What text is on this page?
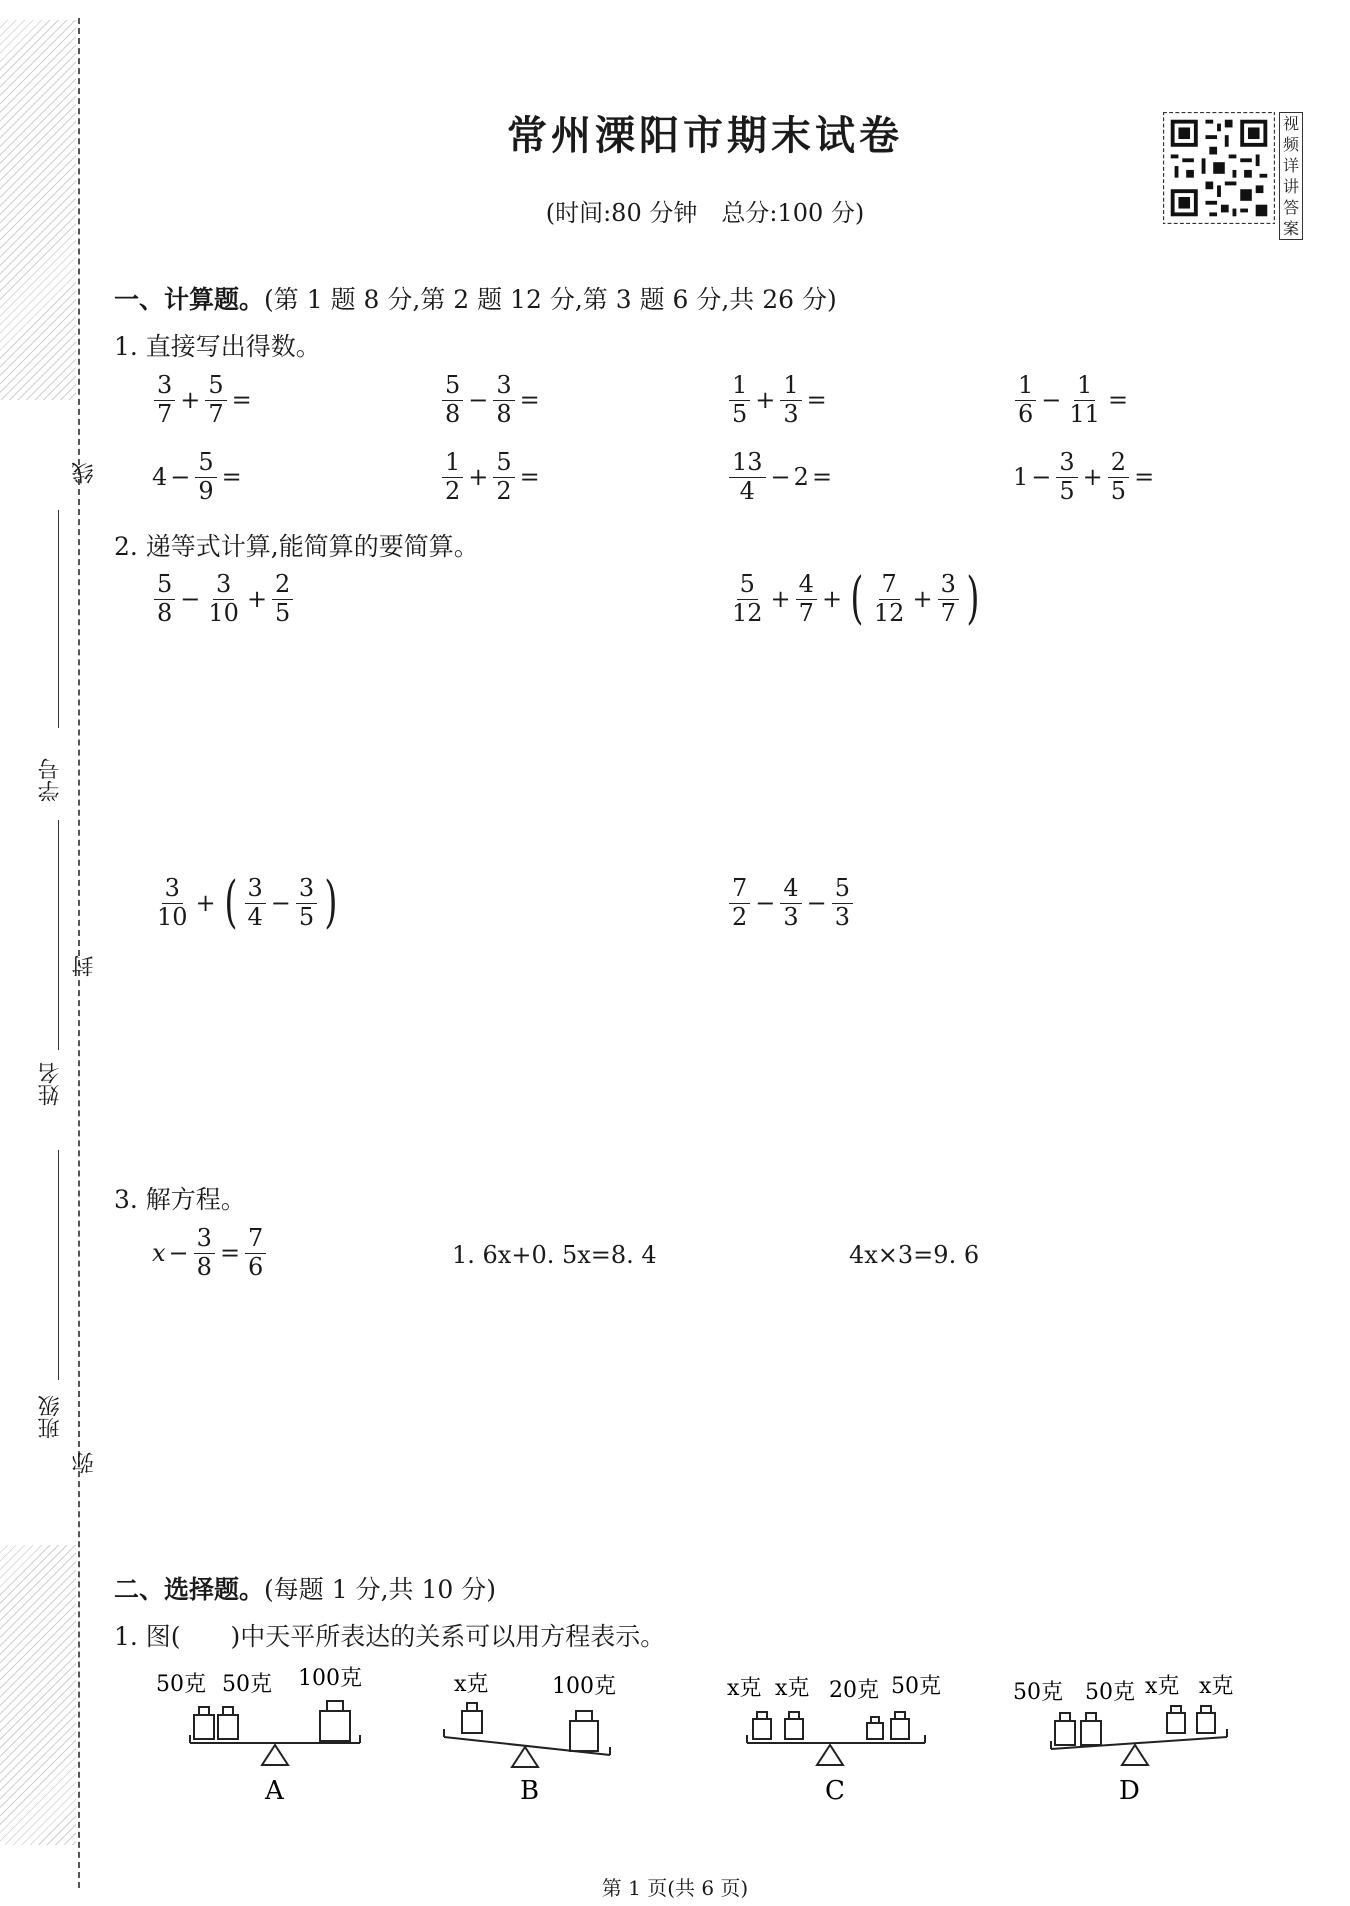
线
学号
封
姓名
班级
弥
常州溧阳市期末试卷
(时间:80 分钟　总分:100 分)
视频详讲答案
一、计算题。(第 1 题 8 分,第 2 题 12 分,第 3 题 6 分,共 26 分)
1. 直接写出得数。
$\frac{3}{7} + \frac{5}{7}$ =	$\frac{5}{8} - \frac{3}{8}$ =	$\frac{1}{5} + \frac{1}{3}$ =	$\frac{1}{6} - \frac{1}{11}$ =
$4 - \frac{5}{9}$ =	$\frac{1}{2} + \frac{5}{2}$ =	$\frac{13}{4} - 2$ =	$1 - \frac{3}{5} + \frac{2}{5}$ =
2. 递等式计算,能简算的要简算。
$\frac{5}{8} - \frac{3}{10} + \frac{2}{5}$	$\frac{5}{12} + \frac{4}{7}$ + ( $\frac{7}{12} + \frac{3}{7}$ )
$\frac{3}{10}$ + ( $\frac{3}{4} - \frac{3}{5}$ )	$\frac{7}{2} - \frac{4}{3} - \frac{5}{3}$
3. 解方程。
$x - \frac{3}{8} = \frac{7}{6}$	1. 6x+0. 5x=8. 4	4x×3=9. 6
二、选择题。(每题 1 分,共 10 分)
1. 图(　　)中天平所表达的关系可以用方程表示。
50克 50克 100克
A
x克	100克
B
x克 x克 20克 50克
C
50克 50克 x克 x克
D
第 1 页(共 6 页)
